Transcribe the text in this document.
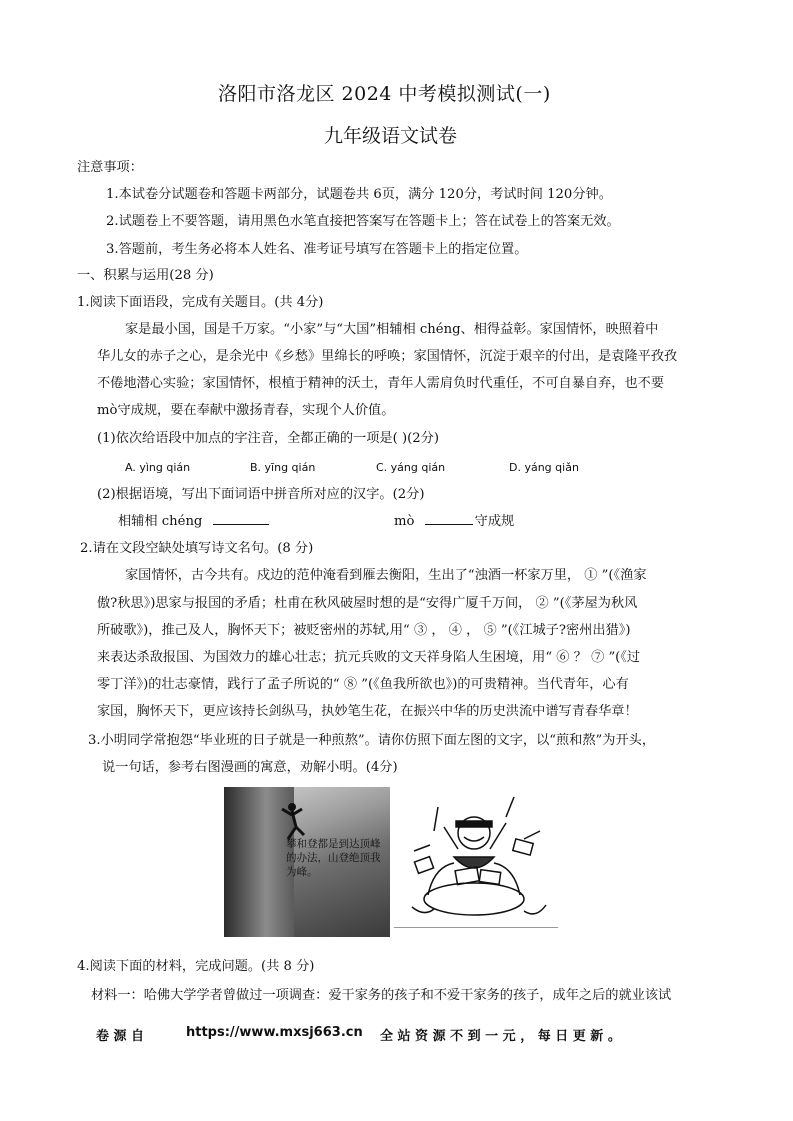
洛阳市洛龙区 2024 中考模拟测试(一)
九年级语文试卷
注意事项：
1.本试卷分试题卷和答题卡两部分，试题卷共 6页，满分 120分，考试时间 120分钟。
2.试题卷上不要答题，请用黑色水笔直接把答案写在答题卡上；答在试卷上的答案无效。
3.答题前，考生务必将本人姓名、准考证号填写在答题卡上的指定位置。
一、积累与运用(28 分)
1.阅读下面语段，完成有关题目。(共 4分)
家是最小国，国是千万家。“小家”与“大国”相辅相 chéng、相得益彰。家国情怀，映照着中
华儿女的赤子之心，是余光中《乡愁》里绵长的呼唤；家国情怀，沉淀于艰辛的付出，是袁隆平孜孜
不倦地潜心实验；家国情怀，根植于精神的沃土，青年人需肩负时代重任，不可自暴自弃，也不要
mò守成规，要在奉献中激扬青春，实现个人价值。
(1)依次给语段中加点的字注音，全都正确的一项是( )(2分)
A. yìng qián	B. yīng qián	C. yáng qián	D. yáng qiǎn
(2)根据语境，写出下面词语中拼音所对应的汉字。(2分)
相辅相 chéng	mò	守成规
2.请在文段空缺处填写诗文名句。(8 分)
家国情怀，古今共有。戍边的范仲淹看到雁去衡阳，生出了“浊酒一杯家万里， ① ”(《渔家
傲?秋思》)思家与报国的矛盾；杜甫在秋风破屋时想的是“安得广厦千万间， ② ”(《茅屋为秋风
所破歌》)，推己及人，胸怀天下；被贬密州的苏轼,用“ ③ ， ④ ， ⑤ ”(《江城子?密州出猎》)
来表达杀敌报国、为国效力的雄心壮志；抗元兵败的文天祥身陷人生困境，用“ ⑥ ？ ⑦ ”(《过
零丁洋》)的壮志豪情，践行了孟子所说的“ ⑧ ”(《鱼我所欲也》)的可贵精神。当代青年，心有
家国，胸怀天下，更应该持长剑纵马，执妙笔生花，在振兴中华的历史洪流中谱写青春华章！
3.小明同学常抱怨“毕业班的日子就是一种煎熬”。请你仿照下面左图的文字，以“煎和熬”为开头，
说一句话，参考右图漫画的寓意，劝解小明。(4分)
攀和登都是到达顶峰的办法，山登绝顶我为峰。
4.阅读下面的材料，完成问题。(共 8 分)
材料一：哈佛大学学者曾做过一项调查：爱干家务的孩子和不爱干家务的孩子，成年之后的就业该试
卷 源 自	https://www.mxsj663.cn 全 站 资 源 不 到 一 元 ， 每 日 更 新 。
